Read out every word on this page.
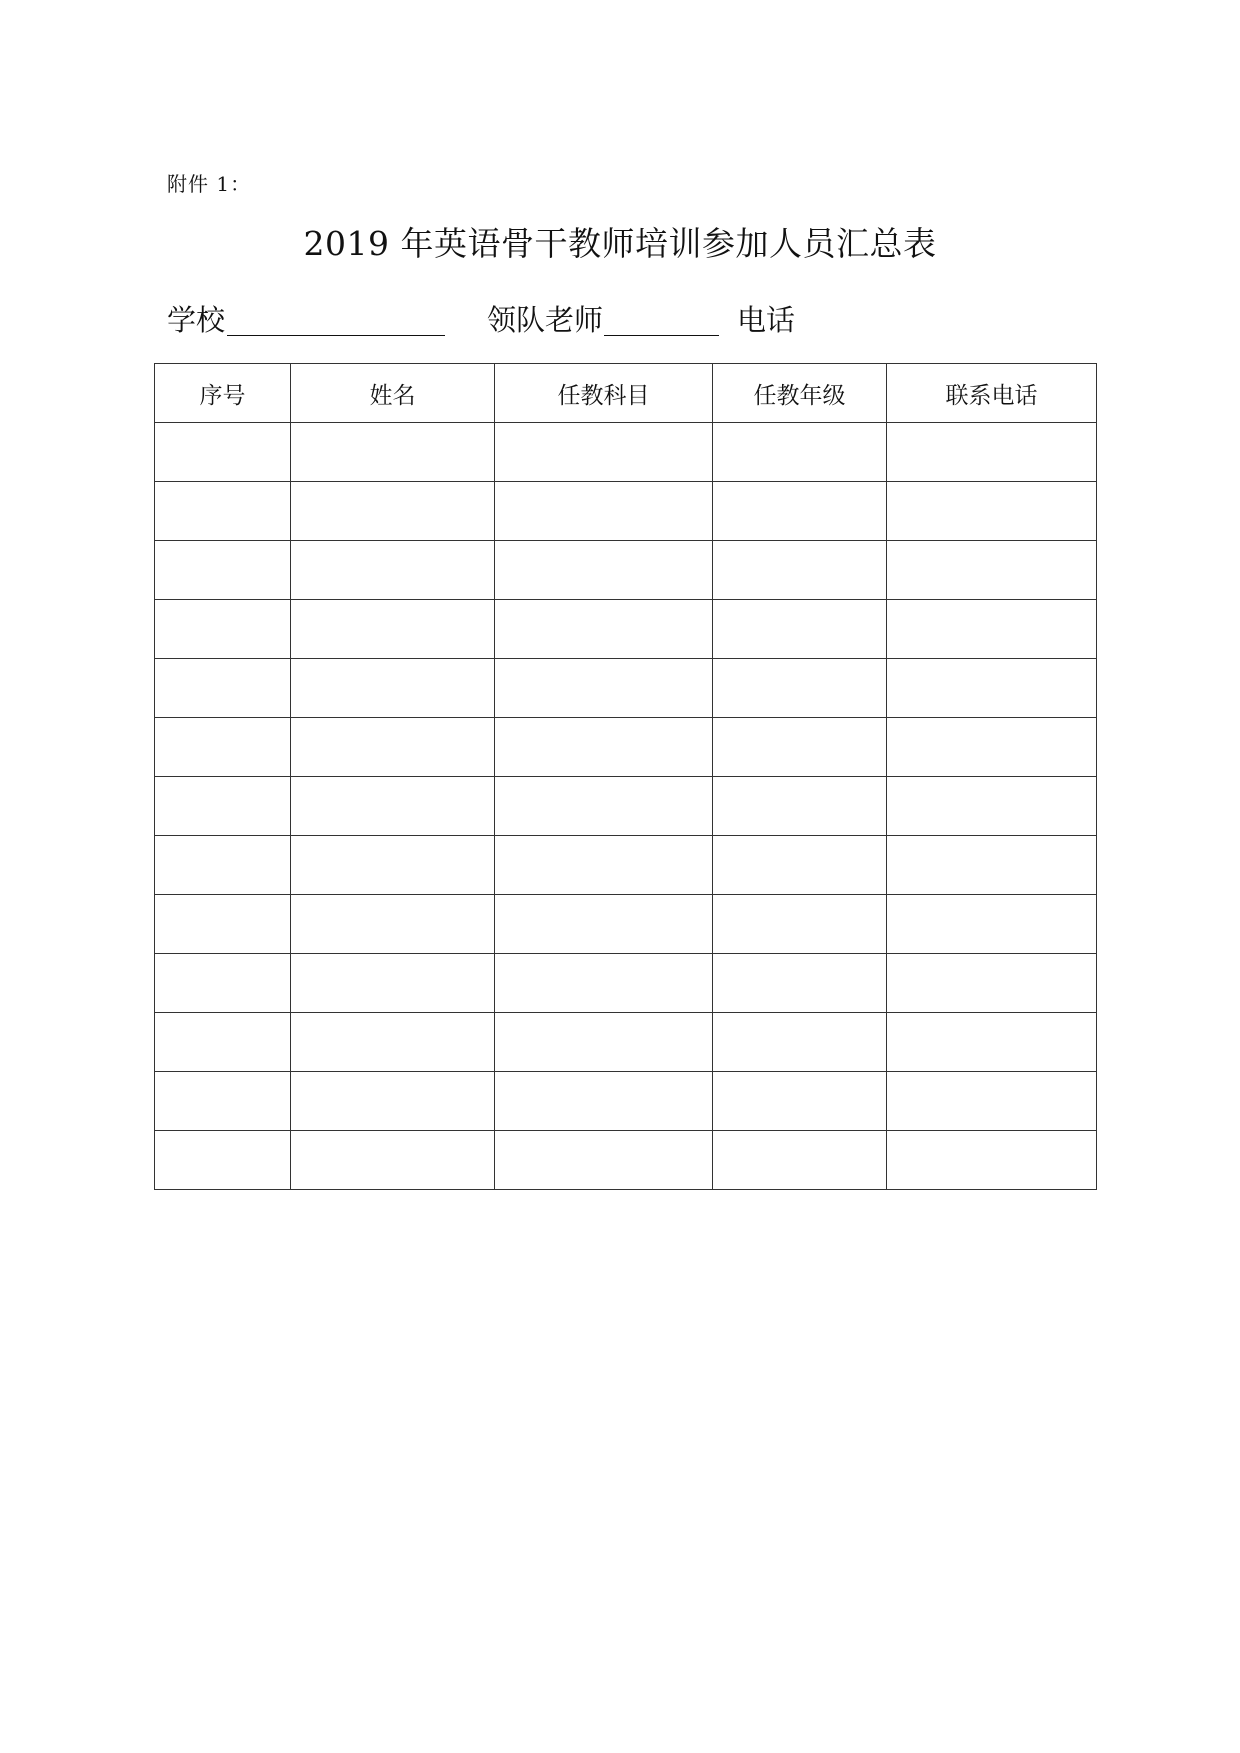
附件 1：
2019 年英语骨干教师培训参加人员汇总表
学校	领队老师	电话
序号	姓名	任教科目	任教年级	联系电话
